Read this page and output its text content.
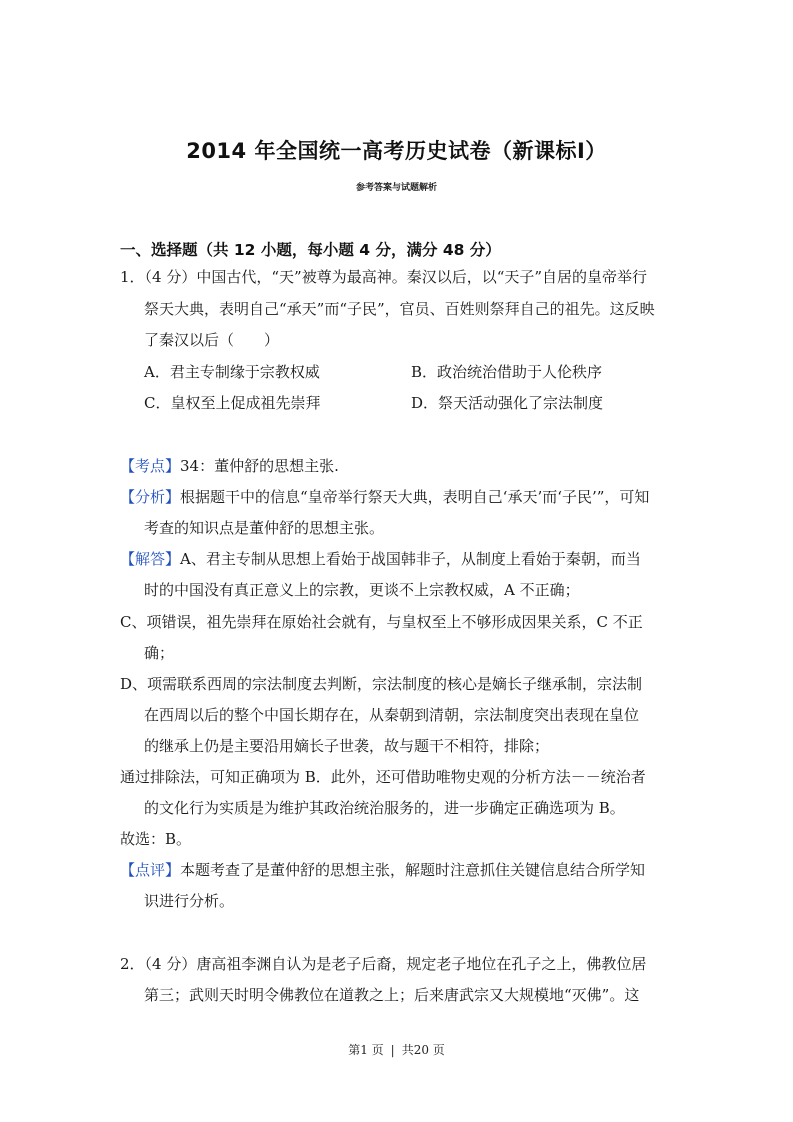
2014 年全国统一高考历史试卷（新课标Ⅰ）
参考答案与试题解析
一、选择题（共 12 小题，每小题 4 分，满分 48 分）
1．（4 分）中国古代，“天”被尊为最高神。秦汉以后，以“天子”自居的皇帝举行
祭天大典，表明自己“承天”而“子民”，官员、百姓则祭拜自己的祖先。这反映
了秦汉以后（　　）
A．君主专制缘于宗教权威	B．政治统治借助于人伦秩序
C．皇权至上促成祖先崇拜	D．祭天活动强化了宗法制度
【考点】34：董仲舒的思想主张.
【分析】根据题干中的信息“皇帝举行祭天大典，表明自己‘承天’而‘子民’”，可知
考查的知识点是董仲舒的思想主张。
【解答】A、君主专制从思想上看始于战国韩非子，从制度上看始于秦朝，而当
时的中国没有真正意义上的宗教，更谈不上宗教权威，A 不正确；
C、项错误，祖先崇拜在原始社会就有，与皇权至上不够形成因果关系，C 不正
确；
D、项需联系西周的宗法制度去判断，宗法制度的核心是嫡长子继承制，宗法制
在西周以后的整个中国长期存在，从秦朝到清朝，宗法制度突出表现在皇位
的继承上仍是主要沿用嫡长子世袭，故与题干不相符，排除；
通过排除法，可知正确项为 B．此外，还可借助唯物史观的分析方法－－统治者
的文化行为实质是为维护其政治统治服务的，进一步确定正确选项为 B。
故选：B。
【点评】本题考查了是董仲舒的思想主张，解题时注意抓住关键信息结合所学知
识进行分析。
2．（4 分）唐高祖李渊自认为是老子后裔，规定老子地位在孔子之上，佛教位居
第三；武则天时明令佛教位在道教之上；后来唐武宗又大规模地“灭佛”。这
第1 页 | 共20 页
